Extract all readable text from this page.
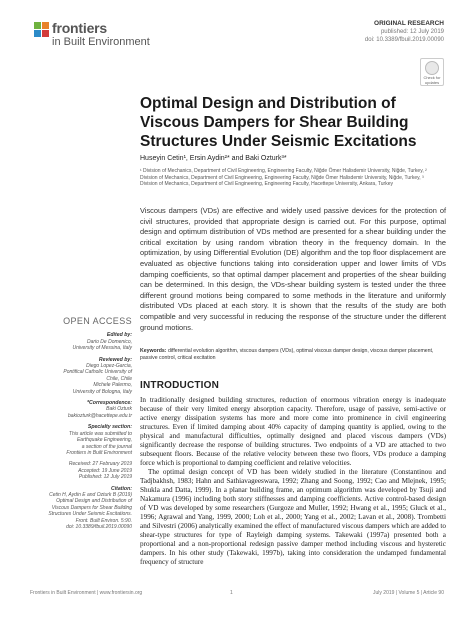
frontiers
in Built Environment
ORIGINAL RESEARCH
published: 12 July 2019
doi: 10.3389/fbuil.2019.00090
Check for updates
Optimal Design and Distribution of Viscous Dampers for Shear Building Structures Under Seismic Excitations
Huseyin Cetin¹, Ersin Aydin²* and Baki Ozturk³*

¹ Division of Mechanics, Department of Civil Engineering, Engineering Faculty, Niğde Ömer Halisdemir University, Niğde, Turkey, ² Division of Mechanics, Department of Civil Engineering, Engineering Faculty, Niğde Ömer Halisdemir University, Niğde, Turkey, ³ Division of Mechanics, Department of Civil Engineering, Engineering Faculty, Hacettepe University, Ankara, Turkey

Viscous dampers (VDs) are effective and widely used passive devices for the protection of civil structures, provided that appropriate design is carried out. For this purpose, optimal design and optimum distribution of VDs method are presented for a shear building under the critical excitation by using random vibration theory in the frequency domain. In the optimization, by using Differential Evolution (DE) algorithm and the top floor displacement are evaluated as objective functions taking into consideration upper and lower limits of VDs damping coefficients, so that optimal damper placement and properties of the shear building can be determined. In this design, the VDs-shear building system is tested under the three different ground motions being compared to some methods in the literature and uniformly distributed VDs placed at each story. It is shown that the results of the study are both compatible and very successful in reducing the response of the structure under the different ground motions.
Keywords: differential evolution algorithm, viscous dampers (VDs), optimal viscous damper design, viscous damper placement, passive control, critical excitation
INTRODUCTION

In traditionally designed building structures, reduction of enormous vibration energy is inadequate because of their very limited energy absorption capacity. Therefore, usage of passive, semi-active or active energy dissipation systems has more and more come into prominence in civil engineering structures. Even if limited damping about 40% capacity of damping quantity is applied, owing to the physical and manufactural difficulties, optimally designed and placed viscous dampers (VDs) significantly decrease the response of building structures. Two endpoints of a VD are attached to two subsequent floors. Because of the relative velocity between these two floors, VDs produce a damping force which is proportional to damping coefficient and relative velocities.

The optimal design concept of VD has been widely studied in the literature (Constantinou and Tadjbakhsh, 1983; Hahn and Sathiavageeswara, 1992; Zhang and Soong, 1992; Cao and Mlejnek, 1995; Shukla and Datta, 1999). In a planar building frame, an optimum algorithm was developed by Tsuji and Nakamura (1996) including both story stiffnesses and damping coefficients. Active control-based design of VD was developed by some researchers (Gurgoze and Muller, 1992; Hwang et al., 1995; Gluck et al., 1996; Agrawal and Yang, 1999, 2000; Loh et al., 2000; Yang et al., 2002; Lavan et al., 2008). Trombetti and Silvestri (2006) analytically examined the effect of manufactured viscous dampers which are added to shear-type structures for type of Rayleigh damping systems. Takewaki (1997a) presented both a proportional and a non-proportional redesign passive damper method including viscous and hysteretic dampers. In his other study (Takewaki, 1997b), taking into consideration the undamped fundamental frequency of structure

OPEN ACCESS
Edited by:
Dario De Domenico,
University of Messina, Italy
Reviewed by:
Diego Lopez-Garcia,
Pontifical Catholic University of
Chile, Chile
Michele Palermo,
University of Bologna, Italy
*Correspondence:
Baki Ozturk
bakiozturk@hacettepe.edu.tr
Specialty section:
This article was submitted to
Earthquake Engineering,
a section of the journal
Frontiers in Built Environment
Received: 27 February 2019
Accepted: 19 June 2019
Published: 12 July 2019
Citation:
Cetin H, Aydin E and Ozturk B (2019)
Optimal Design and Distribution of
Viscous Dampers for Shear Building
Structures Under Seismic Excitations.
Front. Built Environ. 5:90.
doi: 10.3389/fbuil.2019.00090
Frontiers in Built Environment | www.frontiersin.org	1	July 2019 | Volume 5 | Article 90
